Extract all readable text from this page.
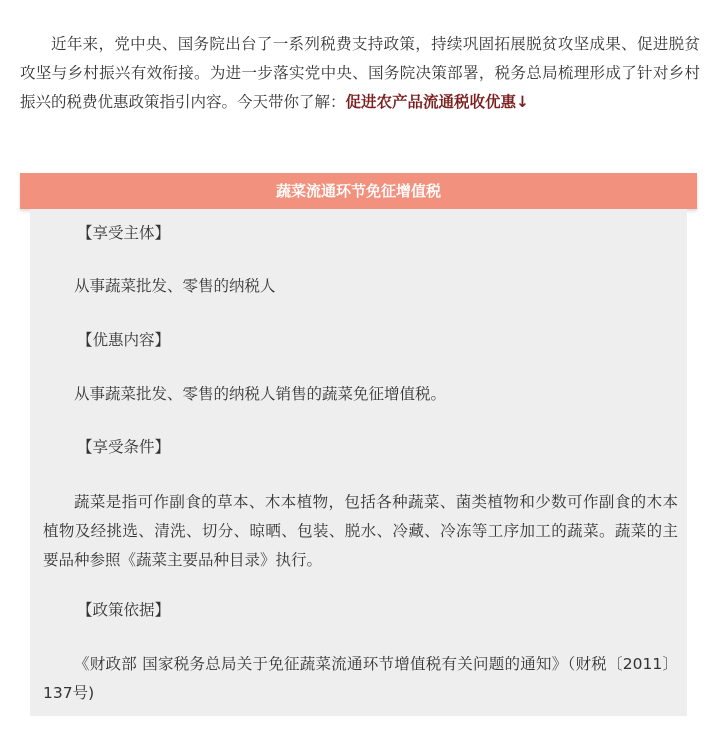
近年来，党中央、国务院出台了一系列税费支持政策，持续巩固拓展脱贫攻坚成果、促进脱贫攻坚与乡村振兴有效衔接。为进一步落实党中央、国务院决策部署，税务总局梳理形成了针对乡村振兴的税费优惠政策指引内容。今天带你了解：促进农产品流通税收优惠↓

蔬菜流通环节免征增值税

【享受主体】

从事蔬菜批发、零售的纳税人

【优惠内容】

从事蔬菜批发、零售的纳税人销售的蔬菜免征增值税。

【享受条件】

蔬菜是指可作副食的草本、木本植物，包括各种蔬菜、菌类植物和少数可作副食的木本植物及经挑选、清洗、切分、晾晒、包装、脱水、冷藏、冷冻等工序加工的蔬菜。蔬菜的主要品种参照《蔬菜主要品种目录》执行。

【政策依据】

《财政部 国家税务总局关于免征蔬菜流通环节增值税有关问题的通知》（财税〔2011〕137号)
